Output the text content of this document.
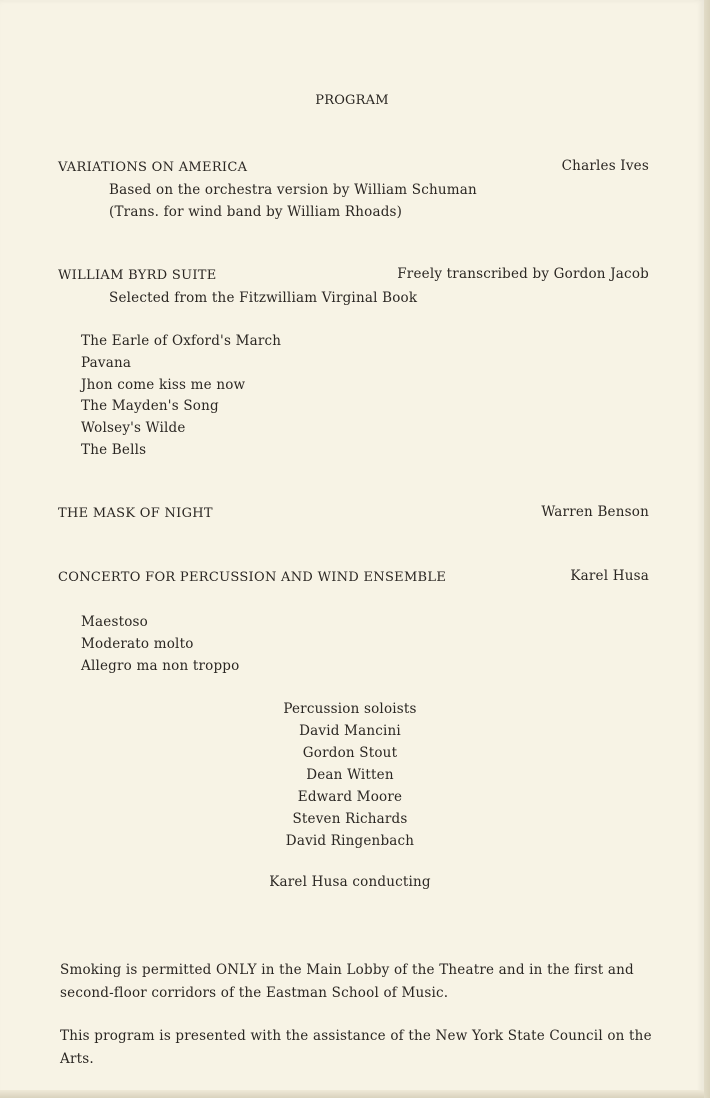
PROGRAM
VARIATIONS ON AMERICA	Charles Ives
Based on the orchestra version by William Schuman
(Trans. for wind band by William Rhoads)
WILLIAM BYRD SUITE	Freely transcribed by Gordon Jacob
Selected from the Fitzwilliam Virginal Book
The Earle of Oxford's March
Pavana
Jhon come kiss me now
The Mayden's Song
Wolsey's Wilde
The Bells
THE MASK OF NIGHT	Warren Benson
CONCERTO FOR PERCUSSION AND WIND ENSEMBLE	Karel Husa
Maestoso
Moderato molto
Allegro ma non troppo
Percussion soloists
David Mancini
Gordon Stout
Dean Witten
Edward Moore
Steven Richards
David Ringenbach
Karel Husa conducting
Smoking is permitted ONLY in the Main Lobby of the Theatre and in the first and second-floor corridors of the Eastman School of Music.
This program is presented with the assistance of the New York State Council on the Arts.
